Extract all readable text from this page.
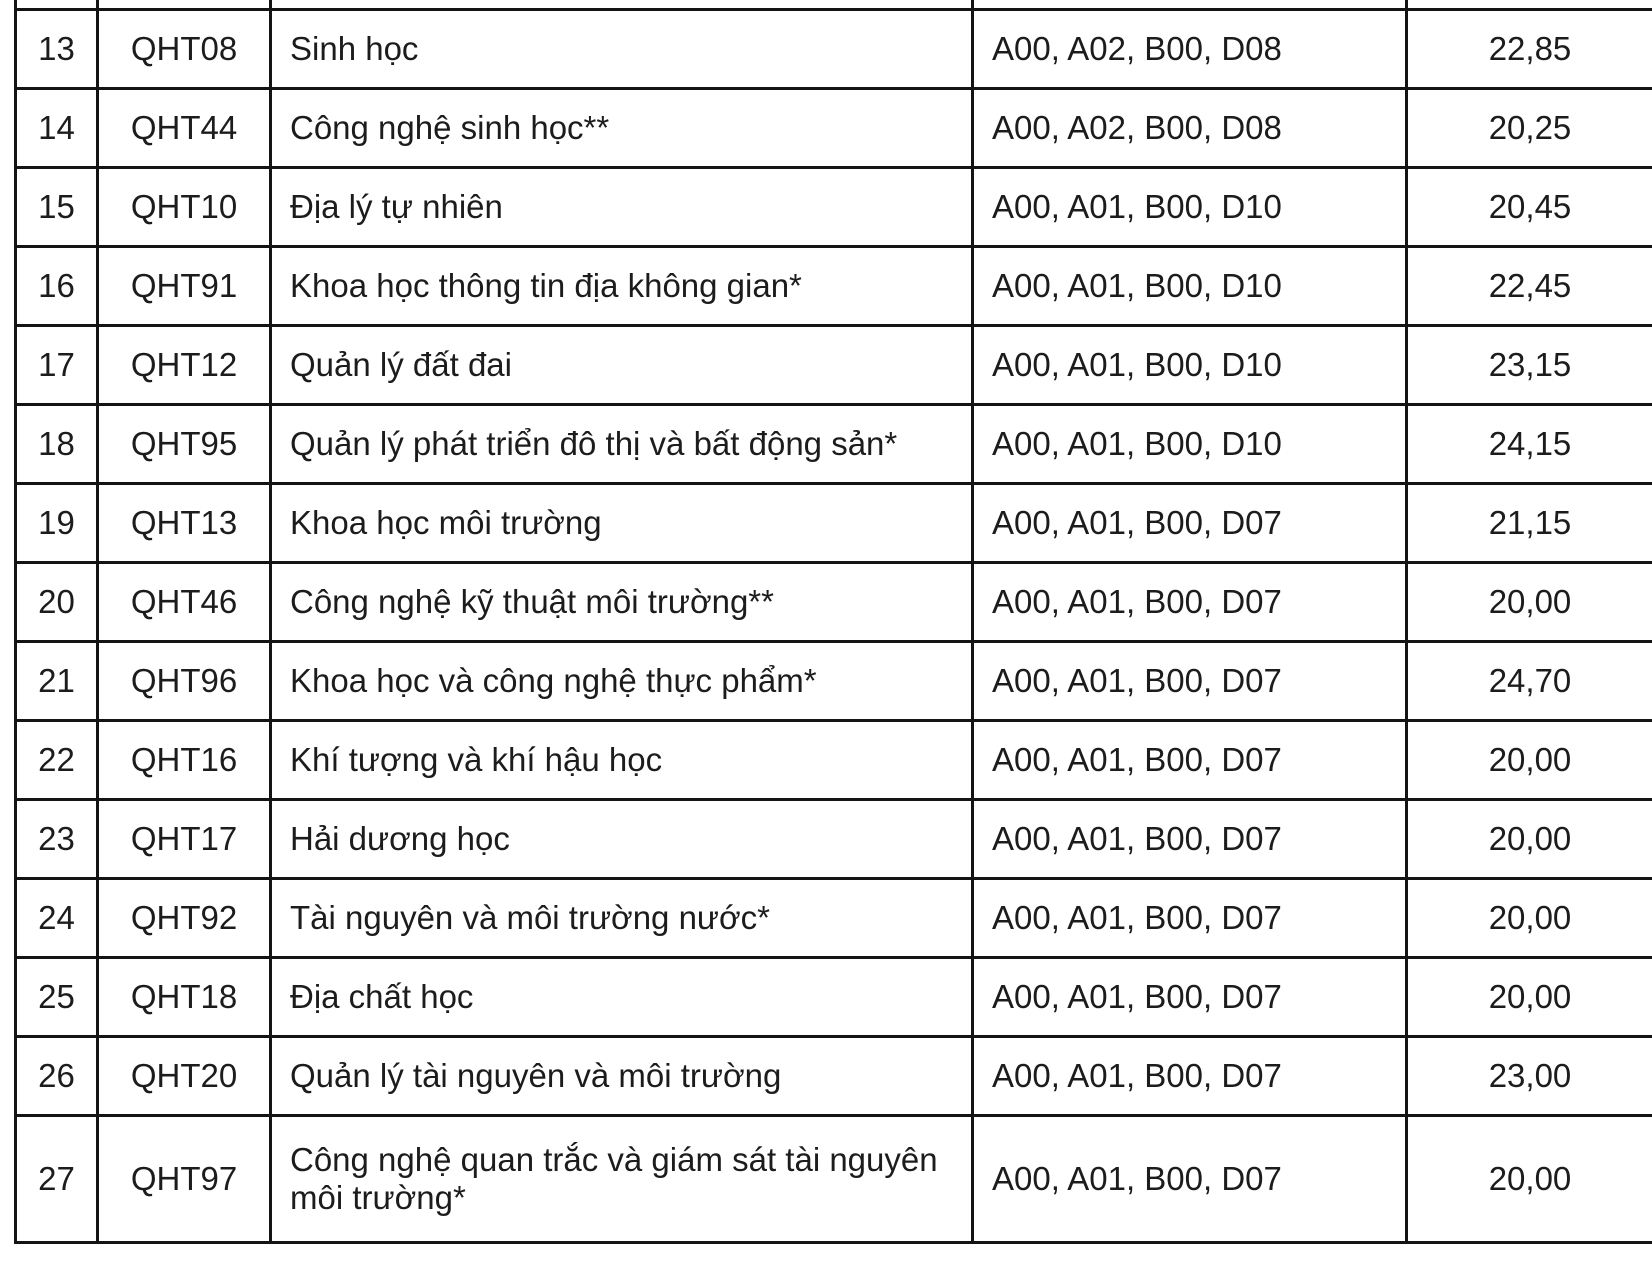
13	QHT08	Sinh học	A00, A02, B00, D08	22,85
14	QHT44	Công nghệ sinh học**	A00, A02, B00, D08	20,25
15	QHT10	Địa lý tự nhiên	A00, A01, B00, D10	20,45
16	QHT91	Khoa học thông tin địa không gian*	A00, A01, B00, D10	22,45
17	QHT12	Quản lý đất đai	A00, A01, B00, D10	23,15
18	QHT95	Quản lý phát triển đô thị và bất động sản*	A00, A01, B00, D10	24,15
19	QHT13	Khoa học môi trường	A00, A01, B00, D07	21,15
20	QHT46	Công nghệ kỹ thuật môi trường**	A00, A01, B00, D07	20,00
21	QHT96	Khoa học và công nghệ thực phẩm*	A00, A01, B00, D07	24,70
22	QHT16	Khí tượng và khí hậu học	A00, A01, B00, D07	20,00
23	QHT17	Hải dương học	A00, A01, B00, D07	20,00
24	QHT92	Tài nguyên và môi trường nước*	A00, A01, B00, D07	20,00
25	QHT18	Địa chất học	A00, A01, B00, D07	20,00
26	QHT20	Quản lý tài nguyên và môi trường	A00, A01, B00, D07	23,00
27	QHT97	Công nghệ quan trắc và giám sát tài nguyên môi trường*	A00, A01, B00, D07	20,00
